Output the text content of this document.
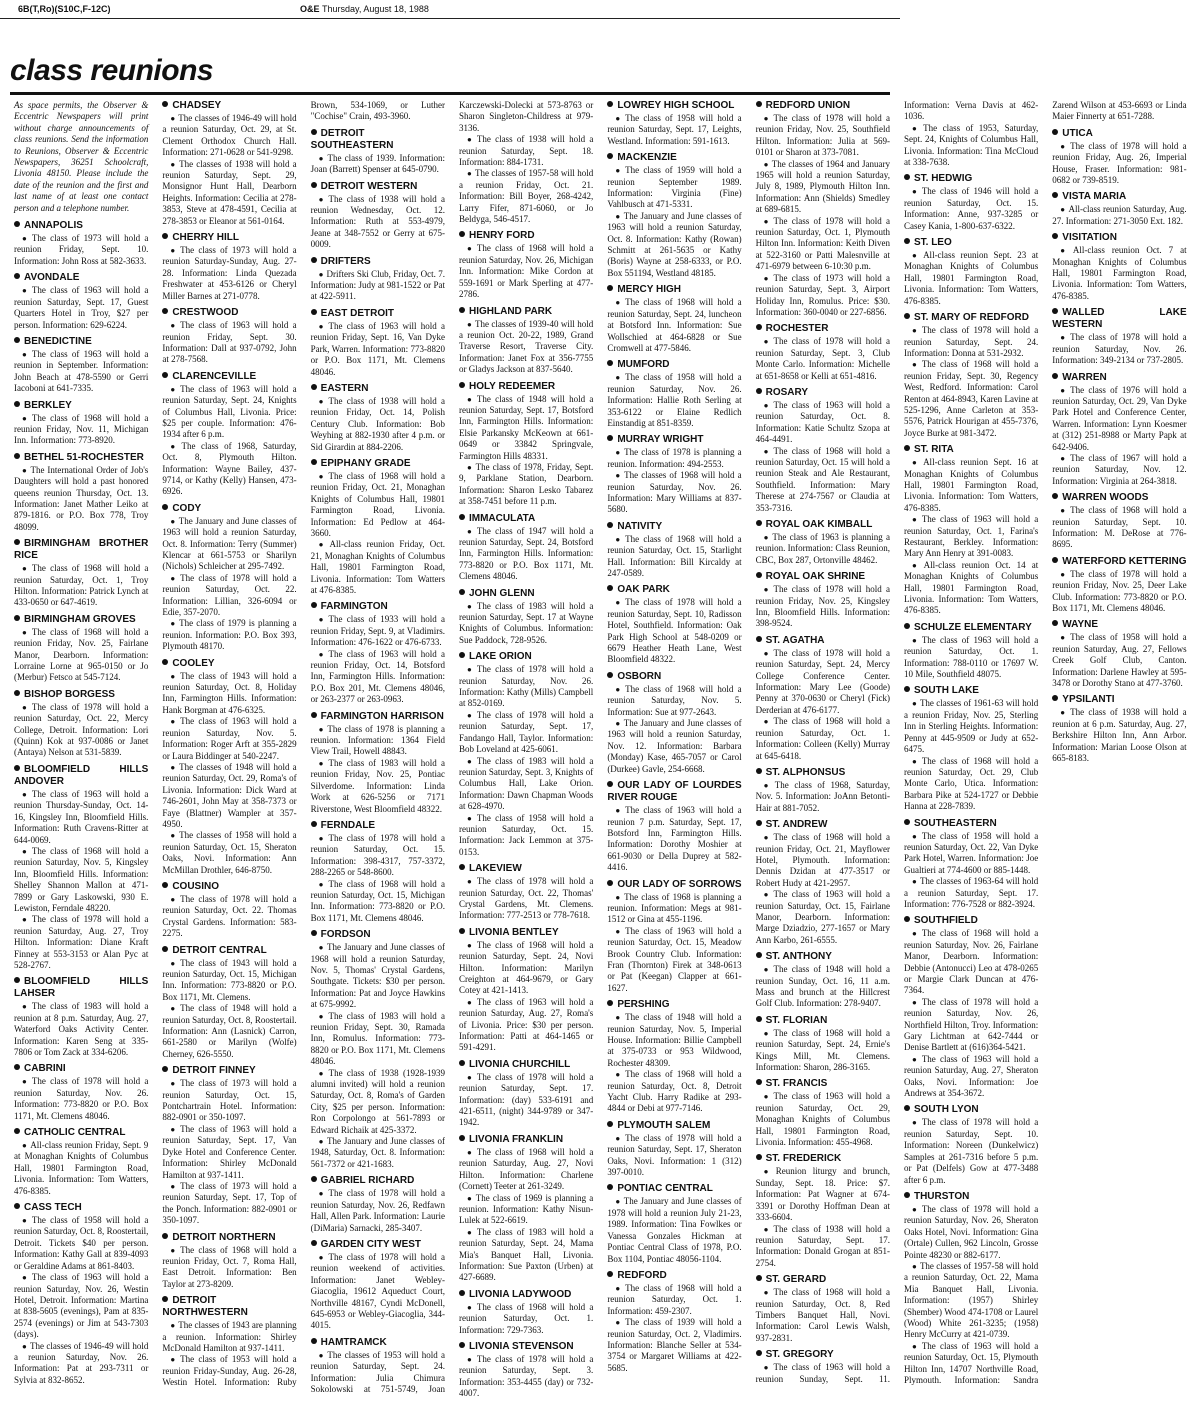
6B(T,Ro)(S10C,F-12C)	O&E Thursday, August 18, 1988
class reunions

As space permits, the Observer & Eccentric Newspapers will print without charge announcements of class reunions. Send the information to Reunions, Observer & Eccentric Newspapers, 36251 Schoolcraft, Livonia 48150. Please include the date of the reunion and the first and last name of at least one contact person and a telephone number.

ANNAPOLIS

● The class of 1973 will hold a reunion Friday, Sept. 10. Information: John Ross at 582-3633.

AVONDALE

● The class of 1963 will hold a reunion Saturday, Sept. 17, Guest Quarters Hotel in Troy, $27 per person. Information: 629-6224.

BENEDICTINE

● The class of 1963 will hold a reunion in September. Information: John Beach at 478-5590 or Gerri Iacoboni at 641-7335.

BERKLEY

● The class of 1968 will hold a reunion Friday, Nov. 11, Michigan Inn. Information: 773-8920.

BETHEL 51-ROCHESTER

● The International Order of Job's Daughters will hold a past honored queens reunion Thursday, Oct. 13. Information: Janet Mather Leiko at 879-1816. or P.O. Box 778, Troy 48099.

BIRMINGHAM BROTHER RICE

● The class of 1968 will hold a reunion Saturday, Oct. 1, Troy Hilton. Information: Patrick Lynch at 433-0650 or 647-4619.

BIRMINGHAM GROVES

● The class of 1968 will hold a reunion Friday, Nov. 25, Fairlane Manor, Dearborn. Information: Lorraine Lorne at 965-0150 or Jo (Merbur) Fetsco at 545-7124.

BISHOP BORGESS

● The class of 1978 will hold a reunion Saturday, Oct. 22, Mercy College, Detroit. Information: Lori (Quinn) Kok at 937-0086 or Janet (Antaya) Nelson at 531-5839.

BLOOMFIELD HILLS ANDOVER

● The class of 1963 will hold a reunion Thursday-Sunday, Oct. 14-16, Kingsley Inn, Bloomfield Hills. Information: Ruth Cravens-Ritter at 644-0069.

● The class of 1968 will hold a reunion Saturday, Nov. 5, Kingsley Inn, Bloomfield Hills. Information: Shelley Shannon Mallon at 471-7899 or Gary Laskowski, 930 E. Lewiston, Ferndale 48220.

● The class of 1978 will hold a reunion Saturday, Aug. 27, Troy Hilton. Information: Diane Kraft Finney at 553-3153 or Alan Pyc at 528-2767.

BLOOMFIELD HILLS LAHSER

● The class of 1983 will hold a reunion at 8 p.m. Saturday, Aug. 27, Waterford Oaks Activity Center. Information: Karen Seng at 335-7806 or Tom Zack at 334-6206.

CABRINI

● The class of 1978 will hold a reunion Saturday, Nov. 26. Information: 773-8820 or P.O. Box 1171, Mt. Clemens 48046.

CATHOLIC CENTRAL

● All-class reunion Friday, Sept. 9 at Monaghan Knights of Columbus Hall, 19801 Farmington Road, Livonia. Information: Tom Watters, 476-8385.

CASS TECH

● The class of 1958 will hold a reunion Saturday, Oct. 8, Roostertail, Detroit. Tickets $40 per person. Information: Kathy Gall at 839-4093 or Geraldine Adams at 861-8403.

● The class of 1963 will hold a reunion Saturday, Nov. 26, Westin Hotel, Detroit. Information: Martina at 838-5605 (evenings), Pam at 835-2574 (evenings) or Jim at 543-7303 (days).

● The classes of 1946-49 will hold a reunion Saturday, Nov. 26. Information: Pat at 293-7311 or Sylvia at 832-8652.

CHADSEY

● The classes of 1946-49 will hold a reunion Saturday, Oct. 29, at St. Clement Orthodox Church Hall. Information: 271-0628 or 541-9298.

● The classes of 1938 will hold a reunion Saturday, Sept. 29, Monsignor Hunt Hall, Dearborn Heights. Information: Cecilia at 278-3853, Steve at 478-4591, Cecilia at 278-3853 or Eleanor at 561-0164.

CHERRY HILL

● The class of 1973 will hold a reunion Saturday-Sunday, Aug. 27-28. Information: Linda Quezada Freshwater at 453-6126 or Cheryl Miller Barnes at 271-0778.

CRESTWOOD

● The class of 1963 will hold a reunion Friday, Sept. 30. Information: Dall at 937-0792, John at 278-7568.

CLARENCEVILLE

● The class of 1963 will hold a reunion Saturday, Sept. 24, Knights of Columbus Hall, Livonia. Price: $25 per couple. Information: 476-1934 after 6 p.m.

● The class of 1968, Saturday, Oct. 8, Plymouth Hilton. Information: Wayne Bailey, 437-9714, or Kathy (Kelly) Hansen, 473-6926.

CODY

● The January and June classes of 1963 will hold a reunion Saturday, Oct. 8. Information: Terry (Summer) Klencar at 661-5753 or Sharilyn (Nichols) Schleicher at 295-7492.

● The class of 1978 will hold a reunion Saturday, Oct. 22. Information: Lillian, 326-6094 or Edie, 357-2070.

● The class of 1979 is planning a reunion. Information: P.O. Box 393, Plymouth 48170.

COOLEY

● The class of 1943 will hold a reunion Saturday, Oct. 8, Holiday Inn, Farmington Hills. Information: Hank Borgman at 476-6325.

● The class of 1963 will hold a reunion Saturday, Nov. 5. Information: Roger Arft at 355-2829 or Laura Biddinger at 540-2247.

● The classes of 1948 will hold a reunion Saturday, Oct. 29, Roma's of Livonia. Information: Dick Ward at 746-2601, John May at 358-7373 or Faye (Blattner) Wampler at 357-4950.

● The classes of 1958 will hold a reunion Saturday, Oct. 15, Sheraton Oaks, Novi. Information: Ann McMillan Drothler, 646-8750.

COUSINO

● The class of 1978 will hold a reunion Saturday, Oct. 22. Thomas Crystal Gardens. Information: 583-2275.

DETROIT CENTRAL

● The class of 1943 will hold a reunion Saturday, Oct. 15, Michigan Inn. Information: 773-8820 or P.O. Box 1171, Mt. Clemens.

● The class of 1948 will hold a reunion Saturday, Oct. 8, Roostertail. Information: Ann (Lasnick) Carron, 661-2580 or Marilyn (Wolfe) Cherney, 626-5550.

DETROIT FINNEY

● The class of 1973 will hold a reunion Saturday, Oct. 15, Pontchartrain Hotel. Information: 882-0901 or 350-1097.

● The class of 1963 will hold a reunion Saturday, Sept. 17, Van Dyke Hotel and Conference Center. Information: Shirley McDonald Hamilton at 937-1411.

● The class of 1973 will hold a reunion Saturday, Sept. 17, Top of the Ponch. Information: 882-0901 or 350-1097.

DETROIT NORTHERN

● The class of 1968 will hold a reunion Friday, Oct. 7, Roma Hall, East Detroit. Information: Ben Taylor at 273-8209.

DETROIT NORTHWESTERN

● The classes of 1943 are planning a reunion. Information: Shirley McDonald Hamilton at 937-1411.

● The class of 1953 will hold a reunion Friday-Sunday, Aug. 26-28, Westin Hotel. Information: Ruby Brown, 534-1069, or Luther "Cochise" Crain, 493-3960.

DETROIT SOUTHEASTERN

● The class of 1939. Information: Joan (Barrett) Spenser at 645-0790.

DETROIT WESTERN

● The class of 1938 will hold a reunion Wednesday, Oct. 12. Information: Ruth at 553-4979, Jeane at 348-7552 or Gerry at 675-0009.

DRIFTERS

● Drifters Ski Club, Friday, Oct. 7. Information: Judy at 981-1522 or Pat at 422-5911.

EAST DETROIT

● The class of 1963 will hold a reunion Friday, Sept. 16, Van Dyke Park, Warren. Information: 773-8820 or P.O. Box 1171, Mt. Clemens 48046.

EASTERN

● The class of 1938 will hold a reunion Friday, Oct. 14, Polish Century Club. Information: Bob Weyhing at 882-1930 after 4 p.m. or Sid Girardin at 884-2206.

EPIPHANY GRADE

● The class of 1968 will hold a reunion Friday, Oct. 21, Monaghan Knights of Columbus Hall, 19801 Farmington Road, Livonia. Information: Ed Pedlow at 464-3660.

● All-class reunion Friday, Oct. 21, Monaghan Knights of Columbus Hall, 19801 Farmington Road, Livonia. Information: Tom Watters at 476-8385.

FARMINGTON

● The class of 1933 will hold a reunion Friday, Sept. 9, at Vladimirs. Information: 476-1622 or 476-6733.

● The class of 1963 will hold a reunion Friday, Oct. 14, Botsford Inn, Farmington Hills. Information: P.O. Box 201, Mt. Clemens 48046, or 263-2377 or 263-0963.

FARMINGTON HARRISON

● The class of 1978 is planning a reunion. Information: 1364 Field View Trail, Howell 48843.

● The class of 1983 will hold a reunion Friday, Nov. 25, Pontiac Silverdome. Information: Linda Work at 626-5256 or 7171 Riverstone, West Bloomfield 48322.

FERNDALE

● The class of 1978 will hold a reunion Saturday, Oct. 15. Information: 398-4317, 757-3372, 288-2265 or 548-8600.

● The class of 1968 will hold a reunion Saturday, Oct. 15, Michigan Inn. Information: 773-8820 or P.O. Box 1171, Mt. Clemens 48046.

FORDSON

● The January and June classes of 1968 will hold a reunion Saturday, Nov. 5, Thomas' Crystal Gardens, Southgate. Tickets: $30 per person. Information: Pat and Joyce Hawkins at 675-9992.

● The class of 1983 will hold a reunion Friday, Sept. 30, Ramada Inn, Romulus. Information: 773-8820 or P.O. Box 1171, Mt. Clemens 48046.

● The class of 1938 (1928-1939 alumni invited) will hold a reunion Saturday, Oct. 8, Roma's of Garden City, $25 per person. Information: Ron Corpolongo at 561-7893 or Edward Richaik at 425-3372.

● The January and June classes of 1948, Saturday, Oct. 8. Information: 561-7372 or 421-1683.

GABRIEL RICHARD

● The class of 1978 will hold a reunion Saturday, Nov. 26, Redfawn Hall, Allen Park. Information: Laurie (DiMaria) Sarnacki, 285-3407.

GARDEN CITY WEST

● The class of 1978 will hold a reunion weekend of activities. Information: Janet Webley-Giacoglia, 19612 Aqueduct Court, Northville 48167, Cyndi McDonell, 645-6953 or Webley-Giacoglia, 344-4015.

HAMTRAMCK

● The classes of 1953 will hold a reunion Saturday, Sept. 24. Information: Julia Chimura Sokolowski at 751-5749, Joan Karczewski-Dolecki at 573-8763 or Sharon Singleton-Childress at 979-3136.

● The class of 1938 will hold a reunion Saturday, Sept. 18. Information: 884-1731.

● The classes of 1957-58 will hold a reunion Friday, Oct. 21. Information: Bill Boyer, 268-4242, Larry Fifer, 871-6060, or Jo Beldyga, 546-4517.

HENRY FORD

● The class of 1968 will hold a reunion Saturday, Nov. 26, Michigan Inn. Information: Mike Cordon at 559-1691 or Mark Sperling at 477-2786.

HIGHLAND PARK

● The classes of 1939-40 will hold a reunion Oct. 20-22, 1989, Grand Traverse Resort, Traverse City. Information: Janet Fox at 356-7755 or Gladys Jackson at 837-5640.

HOLY REDEEMER

● The class of 1948 will hold a reunion Saturday, Sept. 17, Botsford Inn, Farmington Hills. Information: Elsie Parkansky McKeown at 661-0649 or 33842 Springvale, Farmington Hills 48331.

● The class of 1978, Friday, Sept. 9, Parklane Station, Dearborn. Information: Sharon Lesko Tabarez at 358-7451 before 11 p.m.

IMMACULATA

● The class of 1947 will hold a reunion Saturday, Sept. 24, Botsford Inn, Farmington Hills. Information: 773-8820 or P.O. Box 1171, Mt. Clemens 48046.

JOHN GLENN

● The class of 1983 will hold a reunion Saturday, Sept. 17 at Wayne Knights of Columbus. Information: Sue Paddock, 728-9526.

LAKE ORION

● The class of 1978 will hold a reunion Saturday, Nov. 26. Information: Kathy (Mills) Campbell at 852-0169.

● The class of 1978 will hold a reunion Saturday, Sept. 17, Fandango Hall, Taylor. Information: Bob Loveland at 425-6061.

● The class of 1983 will hold a reunion Saturday, Sept. 3, Knights of Columbus Hall, Lake Orion. Information: Dawn Chapman Woods at 628-4970.

● The class of 1958 will hold a reunion Saturday, Oct. 15. Information: Jack Lemmon at 375-0153.

LAKEVIEW

● The class of 1978 will hold a reunion Saturday, Oct. 22, Thomas' Crystal Gardens, Mt. Clemens. Information: 777-2513 or 778-7618.

LIVONIA BENTLEY

● The class of 1968 will hold a reunion Saturday, Sept. 24, Novi Hilton. Information: Marilyn Creighton at 464-9679, or Gary Cotey at 421-1413.

● The class of 1963 will hold a reunion Saturday, Aug. 27, Roma's of Livonia. Price: $30 per person. Information: Patti at 464-1465 or 591-4291.

LIVONIA CHURCHILL

● The class of 1978 will hold a reunion Saturday, Sept. 17. Information: (day) 533-6191 and 421-6511, (night) 344-9789 or 347-1942.

LIVONIA FRANKLIN

● The class of 1968 will hold a reunion Saturday, Aug. 27, Novi Hilton. Information: Charlene (Cornett) Teeter at 261-3249.

● The class of 1969 is planning a reunion. Information: Kathy Nisun-Lulek at 522-6619.

● The class of 1983 will hold a reunion Saturday, Sept. 24, Mama Mia's Banquet Hall, Livonia. Information: Sue Paxton (Urben) at 427-6689.

LIVONIA LADYWOOD

● The class of 1968 will hold a reunion Saturday, Oct. 1. Information: 729-7363.

LIVONIA STEVENSON

● The class of 1978 will hold a reunion Saturday, Sept. 3. Information: 353-4455 (day) or 732-4007.

LOWREY HIGH SCHOOL

● The class of 1958 will hold a reunion Saturday, Sept. 17, Leights, Westland. Information: 591-1613.

MACKENZIE

● The class of 1959 will hold a reunion September 1989. Information: Virginia (Fine) Vahlbusch at 471-5331.

● The January and June classes of 1963 will hold a reunion Saturday, Oct. 8. Information: Kathy (Rowan) Schmitt at 261-5635 or Kathy (Boris) Wayne at 258-6333, or P.O. Box 551194, Westland 48185.

MERCY HIGH

● The class of 1968 will hold a reunion Saturday, Sept. 24, luncheon at Botsford Inn. Information: Sue Wollschied at 464-6828 or Sue Cromwell at 477-5846.

MUMFORD

● The class of 1958 will hold a reunion Saturday, Nov. 26. Information: Hallie Roth Serling at 353-6122 or Elaine Redlich Einstandig at 851-8359.

MURRAY WRIGHT

● The class of 1978 is planning a reunion. Information: 494-2553.

● The classes of 1968 will hold a reunion Saturday, Nov. 26. Information: Mary Williams at 837-5680.

NATIVITY

● The class of 1968 will hold a reunion Saturday, Oct. 15, Starlight Hall. Information: Bill Kircaldy at 247-0589.

OAK PARK

● The class of 1978 will hold a reunion Saturday, Sept. 10, Radisson Hotel, Southfield. Information: Oak Park High School at 548-0209 or 6679 Heather Heath Lane, West Bloomfield 48322.

OSBORN

● The class of 1968 will hold a reunion Saturday, Nov. 5. Information: Sue at 977-2643.

● The January and June classes of 1963 will hold a reunion Saturday, Nov. 12. Information: Barbara (Monday) Kase, 465-7057 or Carol (Durkee) Gavle, 254-6668.

OUR LADY OF LOURDES RIVER ROUGE

● The class of 1963 will hold a reunion 7 p.m. Saturday, Sept. 17, Botsford Inn, Farmington Hills. Information: Dorothy Moshier at 661-9030 or Della Duprey at 582-4416.

OUR LADY OF SORROWS

● The class of 1968 is planning a reunion. Information: Megs at 981-1512 or Gina at 455-1196.

● The class of 1963 will hold a reunion Saturday, Oct. 15, Meadow Brook Country Club. Information: Fran (Thornton) Firek at 348-0613 or Pat (Keegan) Clapper at 661-1627.

PERSHING

● The class of 1948 will hold a reunion Saturday, Nov. 5, Imperial House. Information: Billie Campbell at 375-0733 or 953 Wildwood, Rochester 48309.

● The class of 1968 will hold a reunion Saturday, Oct. 8, Detroit Yacht Club. Harry Radike at 293-4844 or Debi at 977-7146.

PLYMOUTH SALEM

● The class of 1978 will hold a reunion Saturday, Sept. 17, Sheraton Oaks, Novi. Information: 1 (312) 397-0010.

PONTIAC CENTRAL

● The January and June classes of 1978 will hold a reunion July 21-23, 1989. Information: Tina Fowlkes or Vanessa Gonzales Hickman at Pontiac Central Class of 1978, P.O. Box 1104, Pontiac 48056-1104.

REDFORD

● The class of 1968 will hold a reunion Saturday, Oct. 1. Information: 459-2307.

● The class of 1939 will hold a reunion Saturday, Oct. 2, Vladimirs. Information: Blanche Seller at 534-3754 or Margaret Williams at 422-5685.

REDFORD UNION

● The class of 1978 will hold a reunion Friday, Nov. 25, Southfield Hilton. Information: Julia at 569-0101 or Sharon at 373-7081.

● The classes of 1964 and January 1965 will hold a reunion Saturday, July 8, 1989, Plymouth Hilton Inn. Information: Ann (Shields) Smedley at 689-6815.

● The class of 1978 will hold a reunion Saturday, Oct. 1, Plymouth Hilton Inn. Information: Keith Diven at 522-3160 or Patti Malesnville at 471-6979 between 6-10:30 p.m.

● The class of 1973 will hold a reunion Saturday, Sept. 3, Airport Holiday Inn, Romulus. Price: $30. Information: 360-0040 or 227-6856.

ROCHESTER

● The class of 1978 will hold a reunion Saturday, Sept. 3, Club Monte Carlo. Information: Michelle at 651-8658 or Kelli at 651-4816.

ROSARY

● The class of 1963 will hold a reunion Saturday, Oct. 8. Information: Katie Schultz Szopa at 464-4491.

● The class of 1968 will hold a reunion Saturday, Oct. 15 will hold a reunion Steak and Ale Restaurant, Southfield. Information: Mary Therese at 274-7567 or Claudia at 353-7316.

ROYAL OAK KIMBALL

● The class of 1963 is planning a reunion. Information: Class Reunion, CBC, Box 287, Ortonville 48462.

ROYAL OAK SHRINE

● The class of 1978 will hold a reunion Friday, Nov. 25, Kingsley Inn, Bloomfield Hills. Information: 398-9524.

ST. AGATHA

● The class of 1978 will hold a reunion Saturday, Sept. 24, Mercy College Conference Center. Information: Mary Lee (Goode) Penny at 370-0630 or Cheryl (Fick) Derderian at 476-6177.

● The class of 1968 will hold a reunion Saturday, Oct. 1. Information: Colleen (Kelly) Murray at 645-6418.

ST. ALPHONSUS

● The class of 1968, Saturday, Nov. 5. Information: JoAnn Betonti-Hair at 881-7052.

ST. ANDREW

● The class of 1968 will hold a reunion Friday, Oct. 21, Mayflower Hotel, Plymouth. Information: Dennis Dzidan at 477-3517 or Robert Hudy at 421-2957.

● The class of 1963 will hold a reunion Saturday, Oct. 15, Fairlane Manor, Dearborn. Information: Marge Dziadzio, 277-1657 or Mary Ann Karbo, 261-6555.

ST. ANTHONY

● The class of 1948 will hold a reunion Sunday, Oct. 16, 11 a.m. Mass and brunch at the Hillcrest Golf Club. Information: 278-9407.

ST. FLORIAN

● The class of 1968 will hold a reunion Saturday, Sept. 24, Ernie's Kings Mill, Mt. Clemens. Information: Sharon, 286-3165.

ST. FRANCIS

● The class of 1963 will hold a reunion Saturday, Oct. 29, Monaghan Knights of Columbus Hall, 19801 Farmington Road, Livonia. Information: 455-4968.

ST. FREDERICK

● Reunion liturgy and brunch, Sunday, Sept. 18. Price: $7. Information: Pat Wagner at 674-3391 or Dorothy Hoffman Dean at 333-6604.

● The class of 1938 will hold a reunion Saturday, Sept. 17. Information: Donald Grogan at 851-2754.

ST. GERARD

● The class of 1968 will hold a reunion Saturday, Oct. 8, Red Timbers Banquet Hall, Novi. Information: Carol Lewis Walsh, 937-2831.

ST. GREGORY

● The class of 1963 will hold a reunion Sunday, Sept. 11. Information: Verna Davis at 462-1036.

● The class of 1953, Saturday, Sept. 24, Knights of Columbus Hall, Livonia. Information: Tina McCloud at 338-7638.

ST. HEDWIG

● The class of 1946 will hold a reunion Saturday, Oct. 15. Information: Anne, 937-3285 or Casey Kania, 1-800-637-6322.

ST. LEO

● All-class reunion Sept. 23 at Monaghan Knights of Columbus Hall, 19801 Farmington Road, Livonia. Information: Tom Watters, 476-8385.

ST. MARY OF REDFORD

● The class of 1978 will hold a reunion Saturday, Sept. 24. Information: Donna at 531-2932.

● The class of 1968 will hold a reunion Friday, Sept. 30, Regency West, Redford. Information: Carol Renton at 464-8943, Karen Lavine at 525-1296, Anne Carleton at 353-5576, Patrick Hourigan at 455-7376, Joyce Burke at 981-3472.

ST. RITA

● All-class reunion Sept. 16 at Monaghan Knights of Columbus Hall, 19801 Farmington Road, Livonia. Information: Tom Watters, 476-8385.

● The class of 1963 will hold a reunion Saturday, Oct. 1, Farina's Restaurant, Berkley. Information: Mary Ann Henry at 391-0083.

● All-class reunion Oct. 14 at Monaghan Knights of Columbus Hall, 19801 Farmington Road, Livonia. Information: Tom Watters, 476-8385.

SCHULZE ELEMENTARY

● The class of 1963 will hold a reunion Saturday, Oct. 1. Information: 788-0110 or 17697 W. 10 Mile, Southfield 48075.

SOUTH LAKE

● The classes of 1961-63 will hold a reunion Friday, Nov. 25, Sterling Inn in Sterling Heights. Information: Penny at 445-9509 or Judy at 652-6475.

● The class of 1968 will hold a reunion Saturday, Oct. 29, Club Monte Carlo, Utica. Information: Barbara Pike at 524-1727 or Debbie Hanna at 228-7839.

SOUTHEASTERN

● The class of 1958 will hold a reunion Saturday, Oct. 22, Van Dyke Park Hotel, Warren. Information: Joe Gualtieri at 774-4600 or 885-1448.

● The classes of 1963-64 will hold a reunion Saturday, Sept. 17. Information: 776-7528 or 882-3924.

SOUTHFIELD

● The class of 1968 will hold a reunion Saturday, Nov. 26, Fairlane Manor, Dearborn. Information: Debbie (Antonucci) Leo at 478-0265 or Margie Clark Duncan at 476-7364.

● The class of 1978 will hold a reunion Saturday, Nov. 26, Northfield Hilton, Troy. Information: Gary Lichtman at 642-7444 or Denise Bartlett at (616)364-5421.

● The class of 1963 will hold a reunion Saturday, Aug. 27, Sheraton Oaks, Novi. Information: Joe Andrews at 354-3672.

SOUTH LYON

● The class of 1978 will hold a reunion Saturday, Sept. 10. Information: Noreen (Dunkelwicz) Samples at 261-7316 before 5 p.m. or Pat (Delfels) Gow at 477-3488 after 6 p.m.

THURSTON

● The class of 1978 will hold a reunion Saturday, Nov. 26, Sheraton Oaks Hotel, Novi. Information: Gina (Ortale) Cullen, 962 Lincoln, Grosse Pointe 48230 or 882-6177.

● The classes of 1957-58 will hold a reunion Saturday, Oct. 22, Mama Mia Banquet Hall, Livonia. Information: (1957) Shirley (Shember) Wood 474-1708 or Laurel (Wood) White 261-3235; (1958) Henry McCurry at 421-0739.

● The class of 1963 will hold a reunion Saturday, Oct. 15, Plymouth Hilton Inn, 14707 Northville Road, Plymouth. Information: Sandra Zarend Wilson at 453-6693 or Linda Maier Finnerty at 651-7288.

UTICA

● The class of 1978 will hold a reunion Friday, Aug. 26, Imperial House, Fraser. Information: 981-0682 or 739-8519.

VISTA MARIA

● All-class reunion Saturday, Aug. 27. Information: 271-3050 Ext. 182.

VISITATION

● All-class reunion Oct. 7 at Monaghan Knights of Columbus Hall, 19801 Farmington Road, Livonia. Information: Tom Watters, 476-8385.

WALLED LAKE WESTERN

● The class of 1978 will hold a reunion Saturday, Nov. 26. Information: 349-2134 or 737-2805.

WARREN

● The class of 1976 will hold a reunion Saturday, Oct. 29, Van Dyke Park Hotel and Conference Center, Warren. Information: Lynn Koesmer at (312) 251-8988 or Marty Papk at 642-9406.

● The class of 1967 will hold a reunion Saturday, Nov. 12. Information: Virginia at 264-3818.

WARREN WOODS

● The class of 1968 will hold a reunion Saturday, Sept. 10. Information: M. DeRose at 776-8695.

WATERFORD KETTERING

● The class of 1978 will hold a reunion Friday, Nov. 25, Deer Lake Club. Information: 773-8820 or P.O. Box 1171, Mt. Clemens 48046.

WAYNE

● The class of 1958 will hold a reunion Saturday, Aug. 27, Fellows Creek Golf Club, Canton. Information: Darlene Hawley at 595-3478 or Dorothy Stano at 477-3760.

YPSILANTI

● The class of 1938 will hold a reunion at 6 p.m. Saturday, Aug. 27, Berkshire Hilton Inn, Ann Arbor. Information: Marian Loose Olson at 665-8183.
